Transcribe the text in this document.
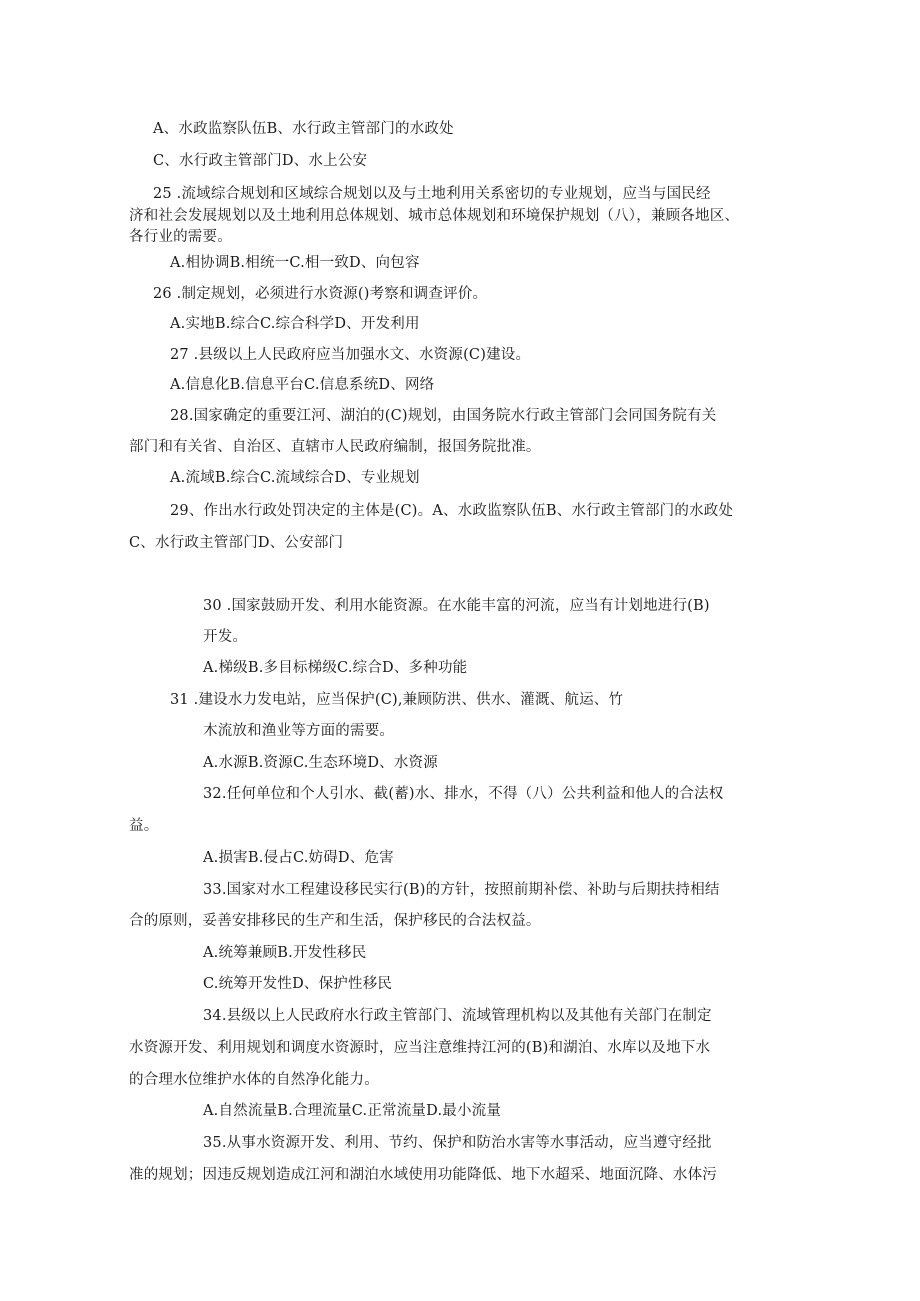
A、水政监察队伍B、水行政主管部门的水政处
C、水行政主管部门D、水上公安
25 .流域综合规划和区域综合规划以及与土地利用关系密切的专业规划，应当与国民经
济和社会发展规划以及土地利用总体规划、城市总体规划和环境保护规划（八），兼顾各地区、
各行业的需要。
A.相协调B.相统一C.相一致D、向包容
26 .制定规划，必须进行水资源()考察和调查评价。
A.实地B.综合C.综合科学D、开发利用
27 .县级以上人民政府应当加强水文、水资源(C)建设。
A.信息化B.信息平台C.信息系统D、网络
28.国家确定的重要江河、湖泊的(C)规划，由国务院水行政主管部门会同国务院有关
部门和有关省、自治区、直辖市人民政府编制，报国务院批准。
A.流域B.综合C.流域综合D、专业规划
29、作出水行政处罚决定的主体是(C)。A、水政监察队伍B、水行政主管部门的水政处
C、水行政主管部门D、公安部门
30 .国家鼓励开发、利用水能资源。在水能丰富的河流，应当有计划地进行(B)
开发。
A.梯级B.多目标梯级C.综合D、多种功能
31 .建设水力发电站，应当保护(C),兼顾防洪、供水、灌溉、航运、竹
木流放和渔业等方面的需要。
A.水源B.资源C.生态环境D、水资源
32.任何单位和个人引水、截(蓄)水、排水，不得（八）公共利益和他人的合法权
益。
A.损害B.侵占C.妨碍D、危害
33.国家对水工程建设移民实行(B)的方针，按照前期补偿、补助与后期扶持相结
合的原则，妥善安排移民的生产和生活，保护移民的合法权益。
A.统筹兼顾B.开发性移民
C.统筹开发性D、保护性移民
34.县级以上人民政府水行政主管部门、流域管理机构以及其他有关部门在制定
水资源开发、利用规划和调度水资源时，应当注意维持江河的(B)和湖泊、水库以及地下水
的合理水位维护水体的自然净化能力。
A.自然流量B.合理流量C.正常流量D.最小流量
35.从事水资源开发、利用、节约、保护和防治水害等水事活动，应当遵守经批
准的规划；因违反规划造成江河和湖泊水域使用功能降低、地下水超采、地面沉降、水体污
